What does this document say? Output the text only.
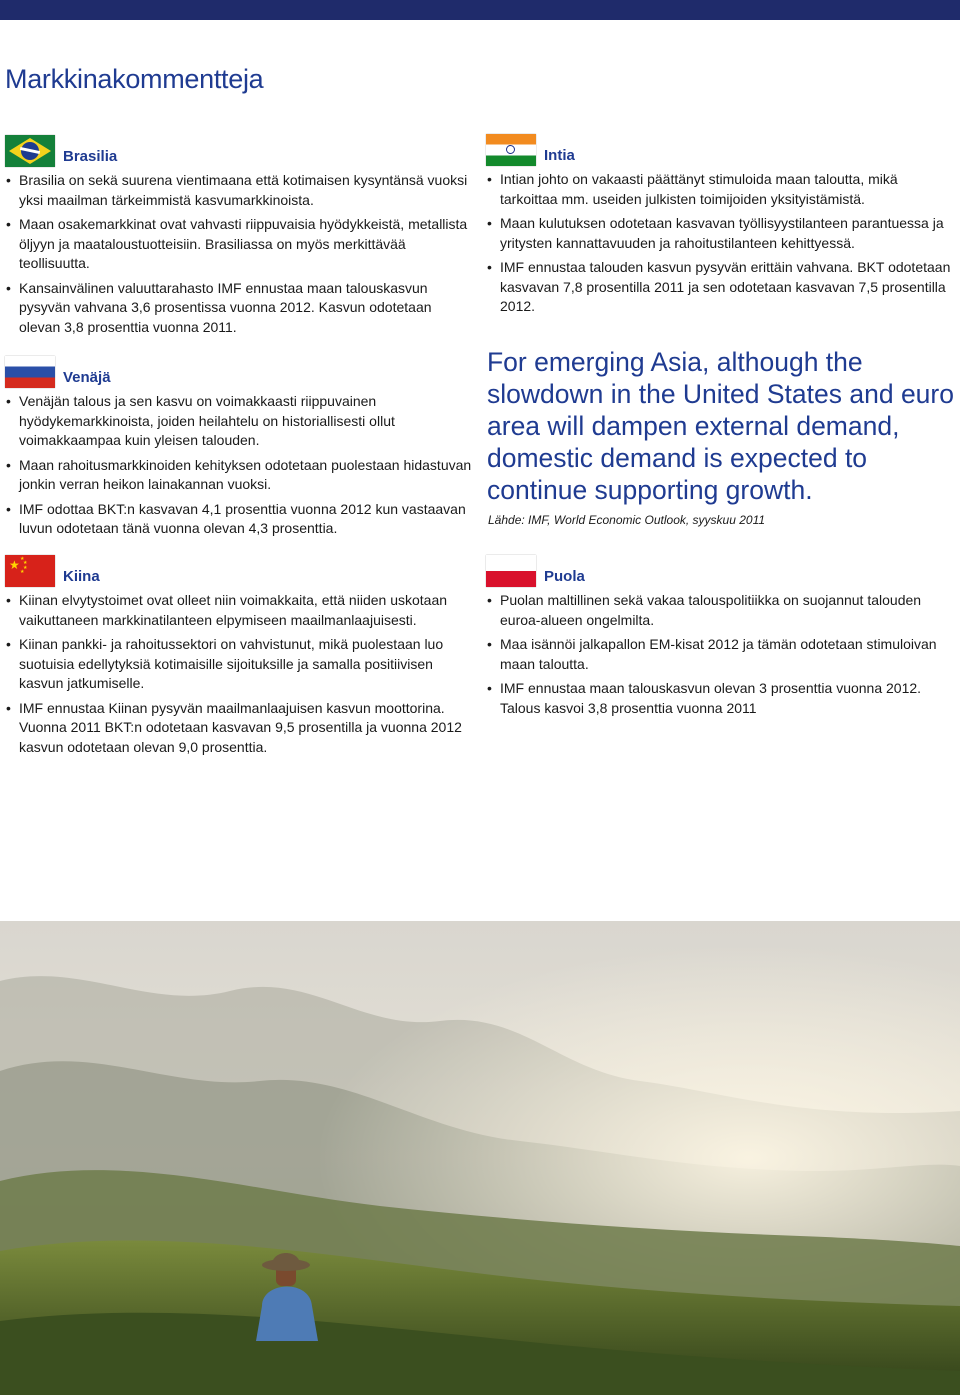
Markkinakommentteja
Brasilia
• Brasilia on sekä suurena vientimaana että kotimaisen kysyntänsä vuoksi yksi maailman tärkeimmistä kasvumarkkinoista.
• Maan osakemarkkinat ovat vahvasti riippuvaisia hyödykkeistä, metallista öljyyn ja maataloustuotteisiin. Brasiliassa on myös merkittävää teollisuutta.
• Kansainvälinen valuuttarahasto IMF ennustaa maan talouskasvun pysyvän vahvana 3,6 prosentissa vuonna 2012. Kasvun odotetaan olevan 3,8 prosenttia vuonna 2011.
Venäjä
• Venäjän talous ja sen kasvu on voimakkaasti riippuvainen hyödykemarkkinoista, joiden heilahtelu on historiallisesti ollut voimakkaampaa kuin yleisen talouden.
• Maan rahoitusmarkkinoiden kehityksen odotetaan puolestaan hidastuvan jonkin verran heikon lainakannan vuoksi.
• IMF odottaa BKT:n kasvavan 4,1 prosenttia vuonna 2012 kun vastaavan luvun odotetaan tänä vuonna olevan 4,3 prosenttia.
★ ★
★
★
★	Kiina
• Kiinan elvytystoimet ovat olleet niin voimakkaita, että niiden uskotaan vaikuttaneen markkinatilanteen elpymiseen maailmanlaajuisesti.
• Kiinan pankki- ja rahoitussektori on vahvistunut, mikä puolestaan luo suotuisia edellytyksiä kotimaisille sijoituksille ja samalla positiivisen kasvun jatkumiselle.
• IMF ennustaa Kiinan pysyvän maailmanlaajuisen kasvun moottorina. Vuonna 2011 BKT:n odotetaan kasvavan 9,5 prosentilla ja vuonna 2012 kasvun odotetaan olevan 9,0 prosenttia.
Intia
• Intian johto on vakaasti päättänyt stimuloida maan taloutta, mikä tarkoittaa mm. useiden julkisten toimijoiden yksityistämistä.
• Maan kulutuksen odotetaan kasvavan työllisyystilanteen parantuessa ja yritysten kannattavuuden ja rahoitustilanteen kehittyessä.
• IMF ennustaa talouden kasvun pysyvän erittäin vahvana. BKT odotetaan kasvavan 7,8 prosentilla 2011 ja sen odotetaan kasvavan 7,5 prosentilla 2012.

For emerging Asia, although the slowdown in the United States and euro area will dampen external demand, domestic demand is expected to continue supporting growth.

Lähde: IMF, World Economic Outlook, syyskuu 2011

Puola
• Puolan maltillinen sekä vakaa talouspolitiikka on suojannut talouden euroa-alueen ongelmilta.
• Maa isännöi jalkapallon EM-kisat 2012 ja tämän odotetaan stimuloivan maan taloutta.
• IMF ennustaa maan talouskasvun olevan 3 prosenttia vuonna 2012. Talous kasvoi 3,8 prosenttia vuonna 2011
